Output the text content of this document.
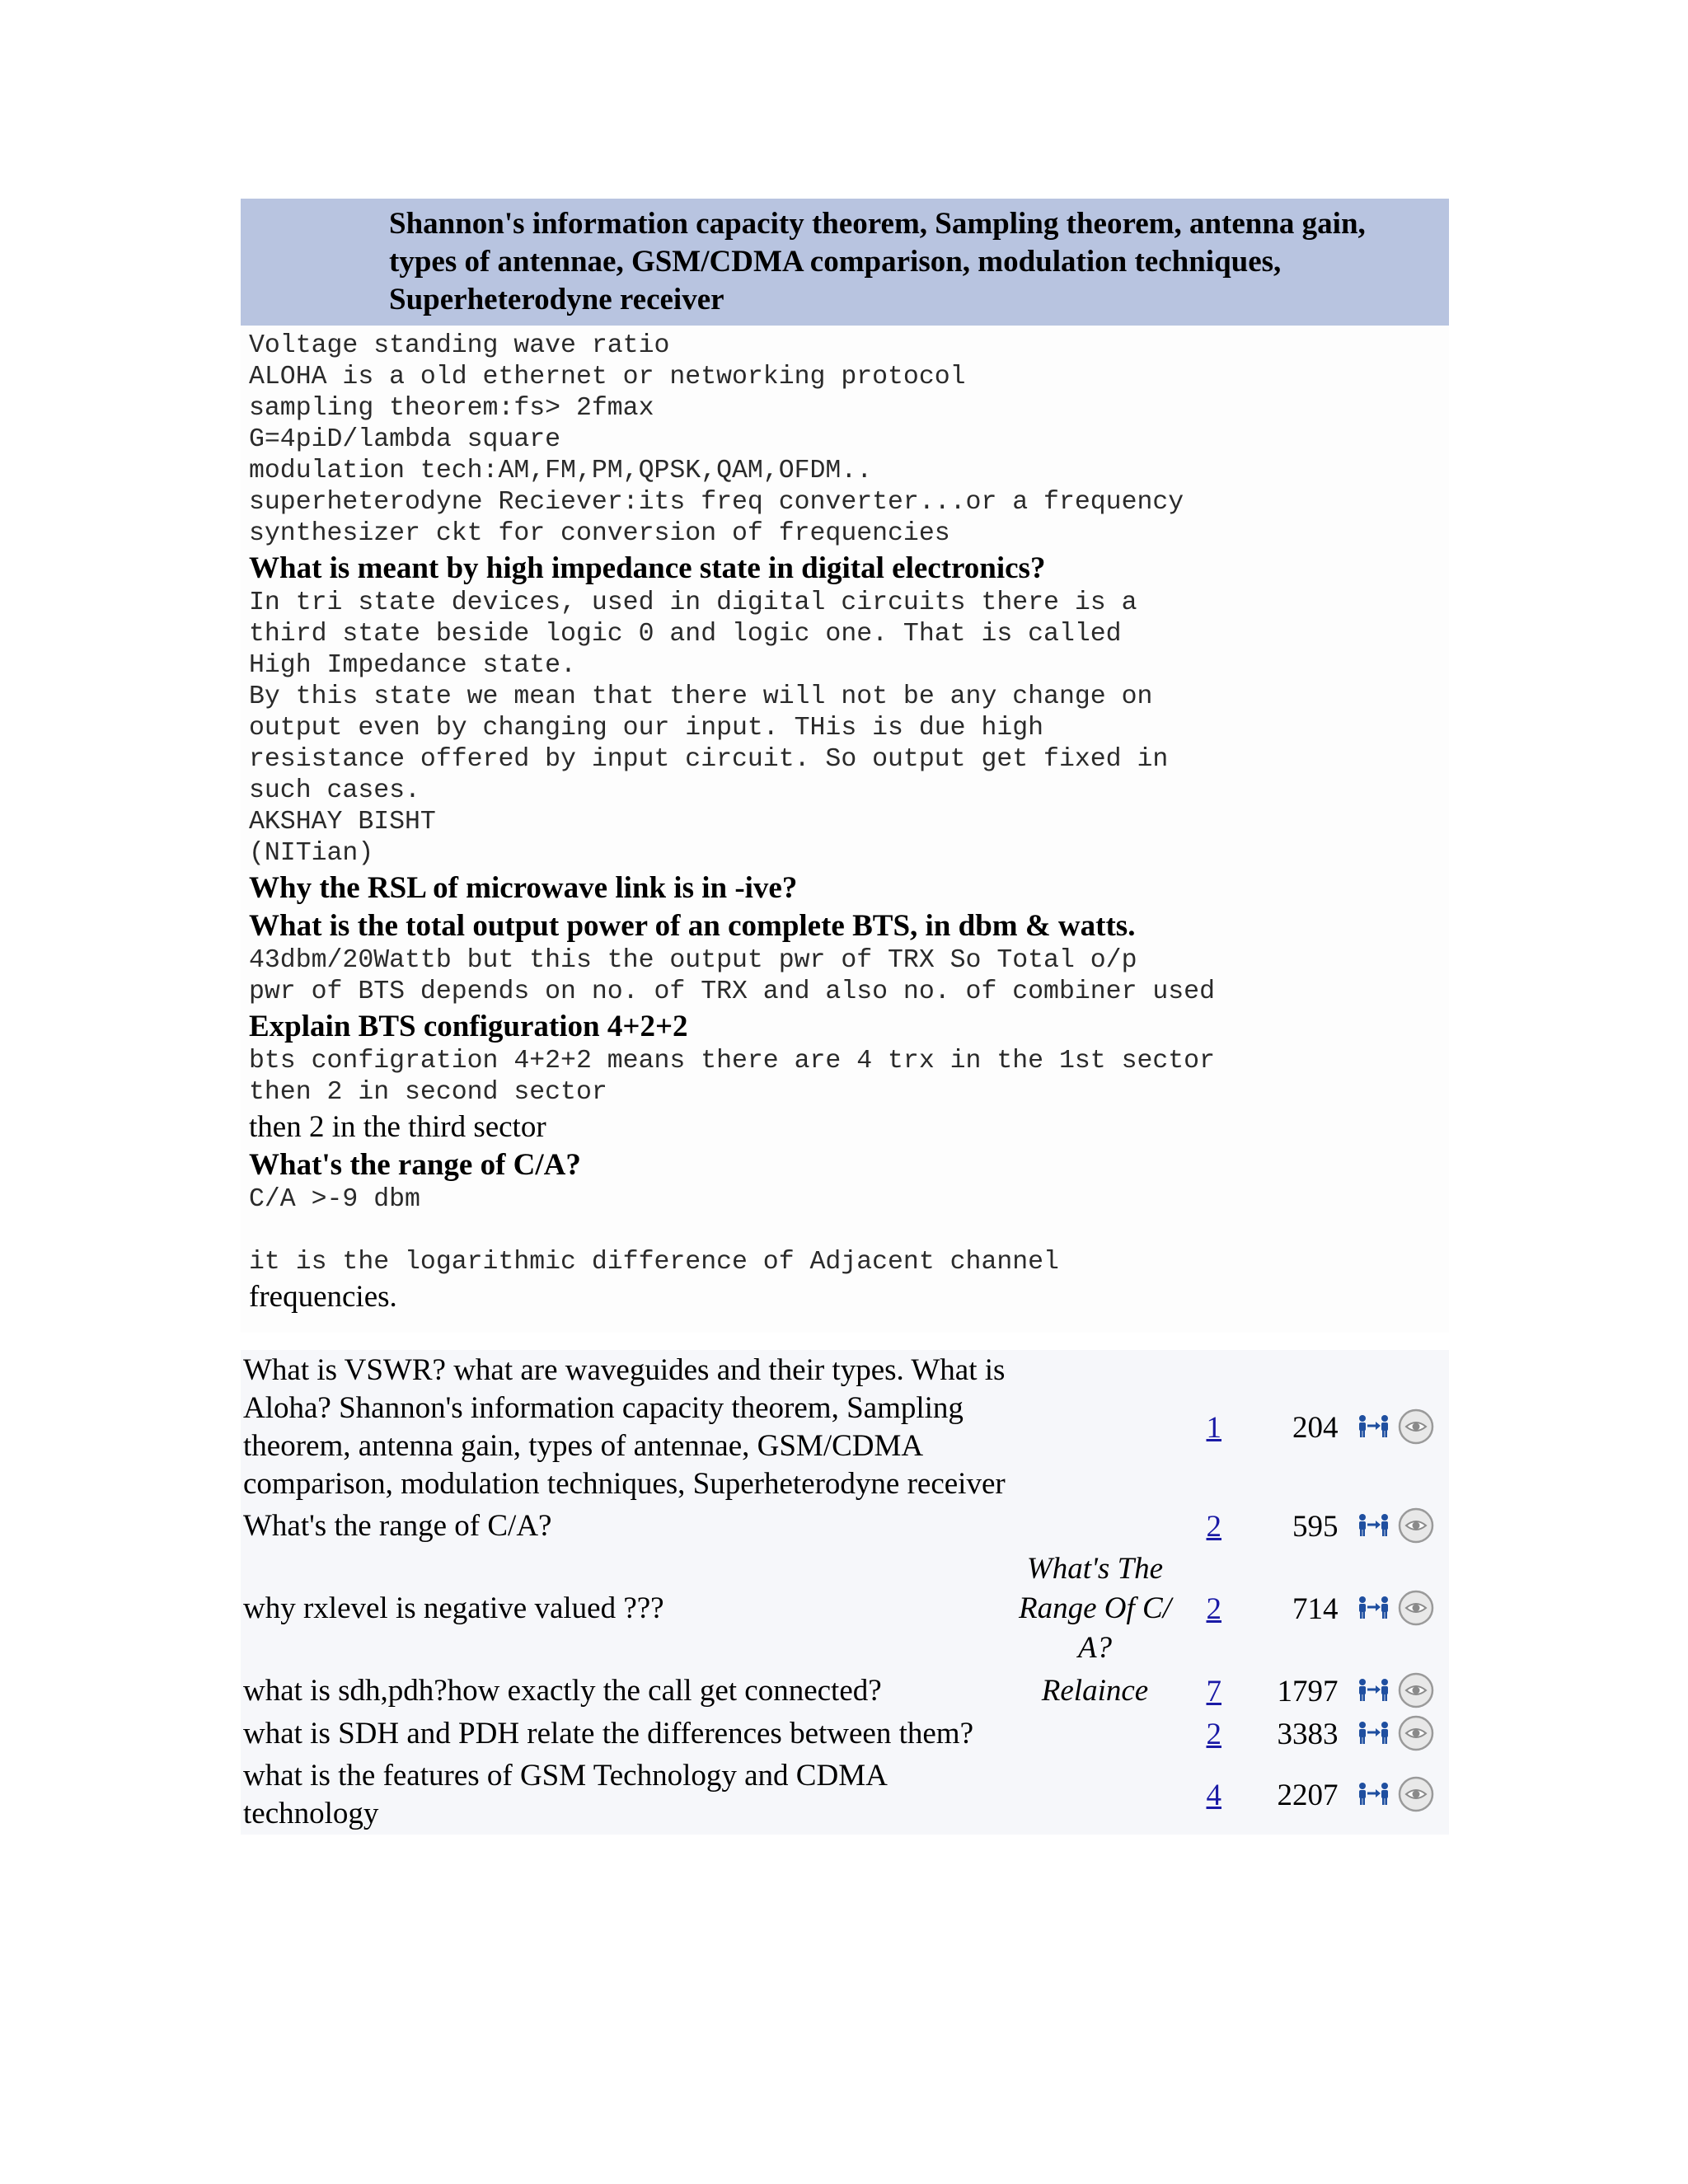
Shannon's information capacity theorem, Sampling theorem, antenna gain, types of antennae, GSM/CDMA comparison, modulation techniques, Superheterodyne receiver

Voltage standing wave ratio

ALOHA is a old ethernet or networking protocol

sampling theorem:fs> 2fmax

G=4piD/lambda square

modulation tech:AM,FM,PM,QPSK,QAM,OFDM..

superheterodyne Reciever:its freq converter...or a frequency

synthesizer ckt for conversion of frequencies

What is meant by high impedance state in digital electronics?

In tri state devices, used in digital circuits there is a

third state beside logic 0 and logic one. That is called

High Impedance state.

By this state we mean that there will not be any change on

output even by changing our input. THis is due high

resistance offered by input circuit. So output get fixed in

such cases.

AKSHAY BISHT

(NITian)

Why the RSL of microwave link is in -ive?

What is the total output power of an complete BTS, in dbm & watts.

43dbm/20Wattb but this the output pwr of TRX So Total o/p

pwr of BTS depends on no. of TRX and also no. of combiner used

Explain BTS configuration 4+2+2

bts configration 4+2+2 means there are 4 trx in the 1st sector

then 2 in second sector

then 2 in the third sector

What's the range of C/A?

C/A >-9 dbm

it is the logarithmic difference of Adjacent channel

frequencies.

What is VSWR? what are waveguides and their types. What is Aloha? Shannon's information capacity theorem, Sampling theorem, antenna gain, types of antennae, GSM/CDMA comparison, modulation techniques, Superheterodyne receiver		1	204	

What's the range of C/A?		2	595	

why rxlevel is negative valued ???	What's The Range Of C/ A?	2	714	

what is sdh,pdh?how exactly the call get connected?	Relaince	7	1797	

what is SDH and PDH relate the differences between them?		2	3383	

what is the features of GSM Technology and CDMA technology		4	2207	
